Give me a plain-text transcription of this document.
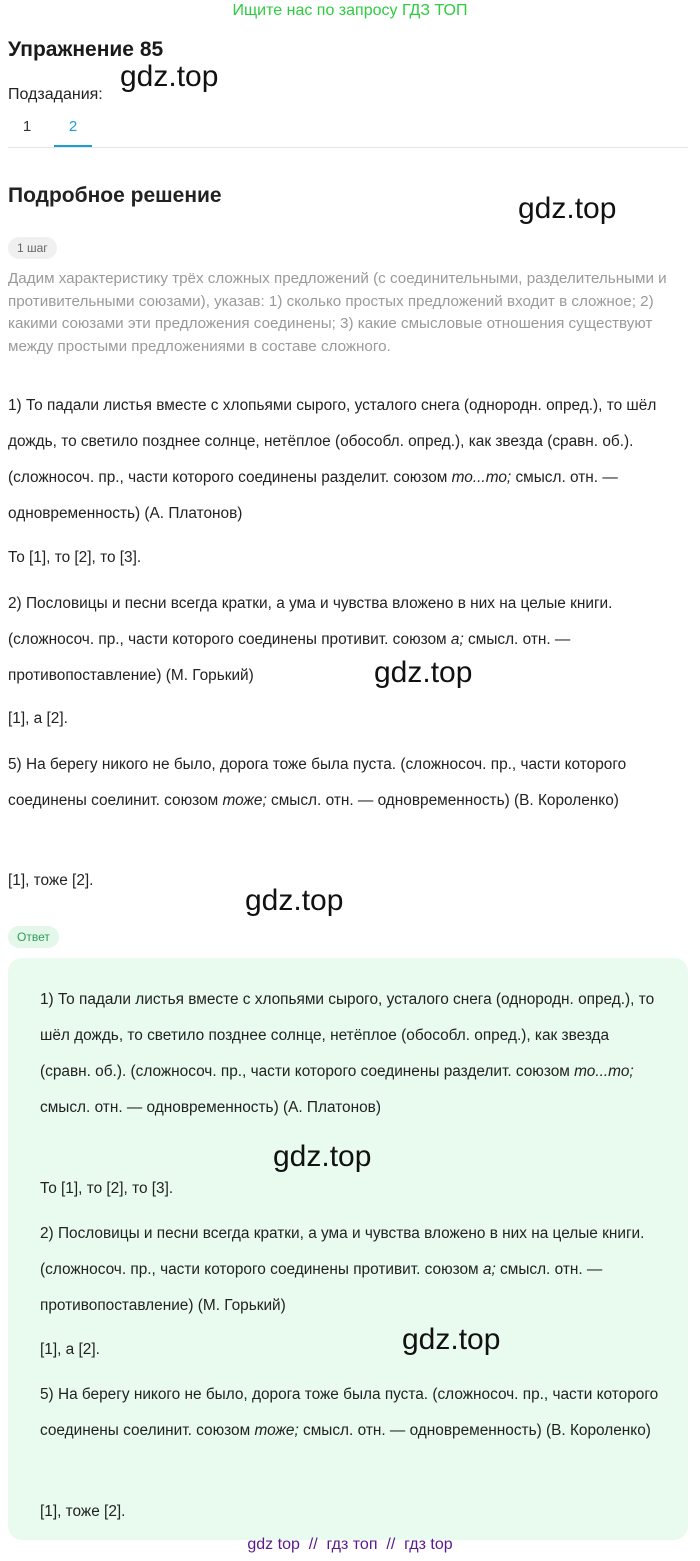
Ищите нас по запросу ГДЗ ТОП
Упражнение 85
Подзадания:
1	2
Подробное решение
1 шаг

Дадим характеристику трёх сложных предложений (с соединительными, разделительными и противительными союзами), указав: 1) сколько простых предложений входит в сложное; 2) какими союзами эти предложения соединены; 3) какие смысловые отношения существуют между простыми предложениями в составе сложного.

1) То падали листья вместе с хлопьями сырого, усталого снега (однородн. опред.), то шёл дождь, то светило позднее солнце, нетёплое (обособл. опред.), как звезда (сравн. об.). (сложносоч. пр., части которого соединены разделит. союзом то...то; смысл. отн. — одновременность) (А. Платонов)

То [1], то [2], то [3].

2) Пословицы и песни всегда кратки, а ума и чувства вложено в них на целые книги. (сложносоч. пр., части которого соединены противит. союзом а; смысл. отн. — противопоставление) (М. Горький)

[1], а [2].

5) На берегу никого не было, дорога тоже была пуста. (сложносоч. пр., части которого соединены соелинит. союзом тоже; смысл. отн. — одновременность) (В. Короленко)

[1], тоже [2].

Ответ

1) То падали листья вместе с хлопьями сырого, усталого снега (однородн. опред.), то шёл дождь, то светило позднее солнце, нетёплое (обособл. опред.), как звезда (сравн. об.). (сложносоч. пр., части которого соединены разделит. союзом то...то; смысл. отн. — одновременность) (А. Платонов)

То [1], то [2], то [3].

2) Пословицы и песни всегда кратки, а ума и чувства вложено в них на целые книги. (сложносоч. пр., части которого соединены противит. союзом а; смысл. отн. — противопоставление) (М. Горький)

[1], а [2].

5) На берегу никого не было, дорога тоже была пуста. (сложносоч. пр., части которого соединены соелинит. союзом тоже; смысл. отн. — одновременность) (В. Короленко)

[1], тоже [2].

gdz.top
gdz.top
gdz.top
gdz.top
gdz.top
gdz.top
gdz top  //  гдз топ  //  гдз top
